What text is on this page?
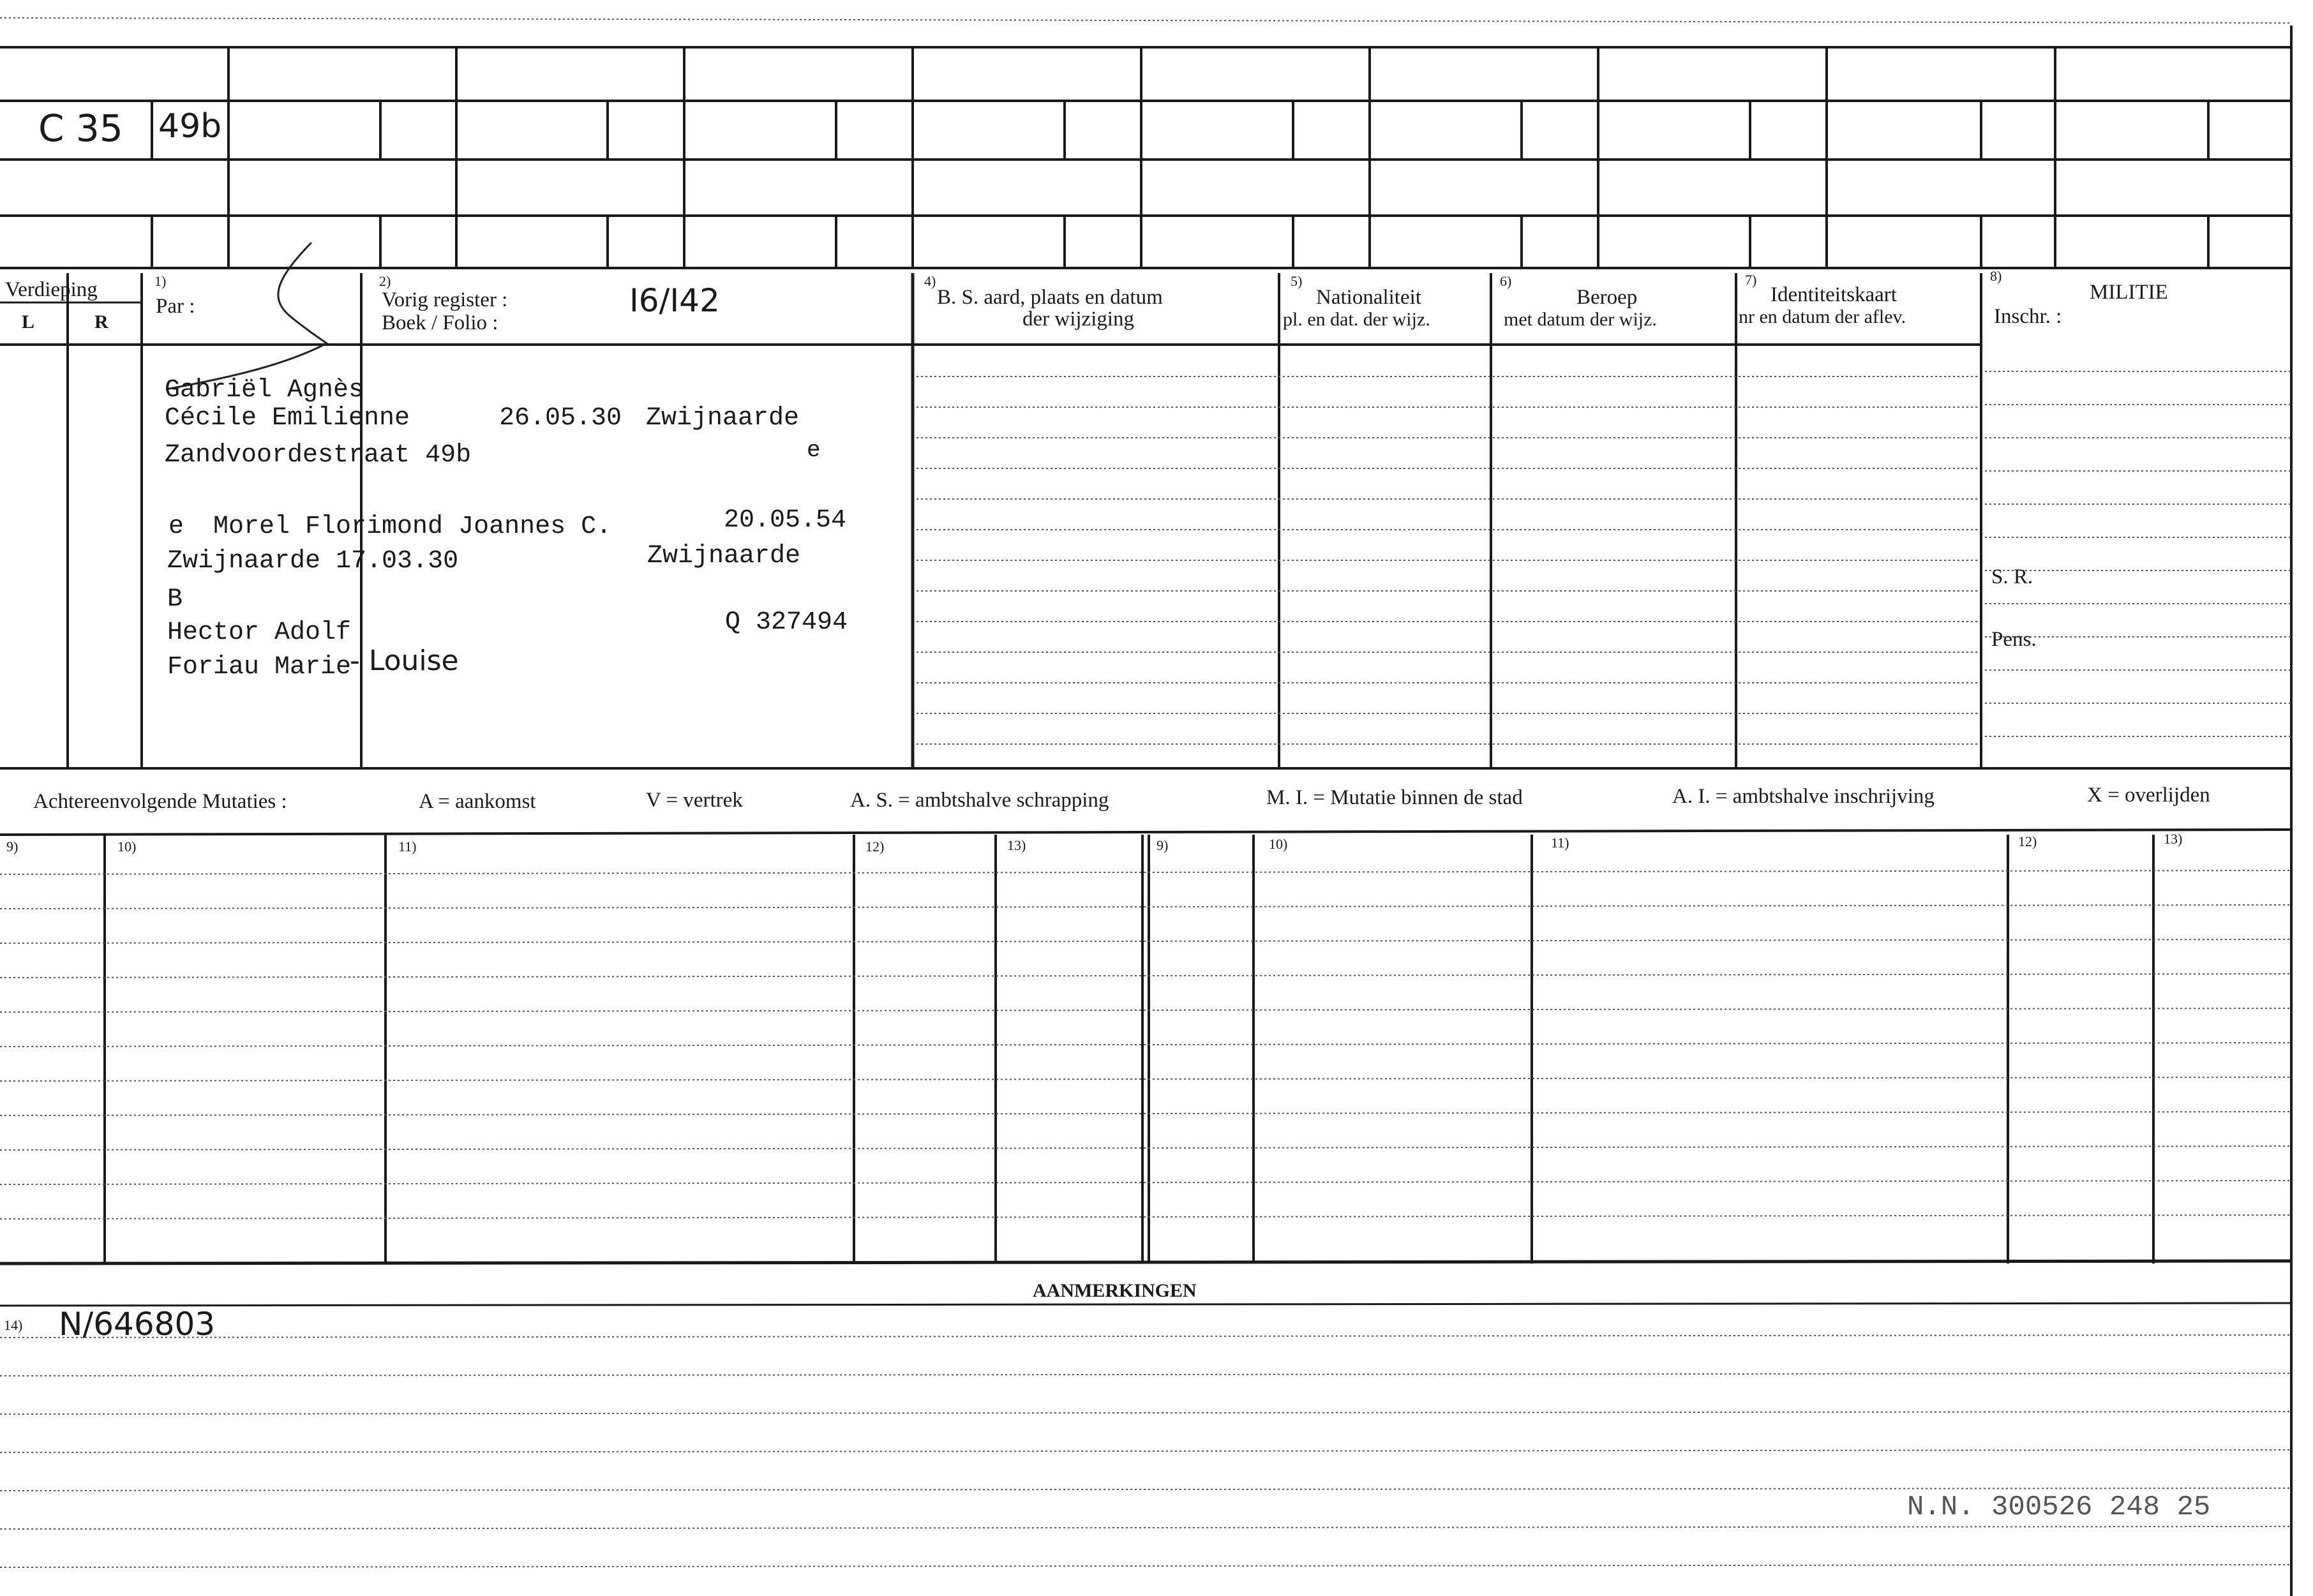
C 35 49b
Verdieping
L	R
1)
Par :
2)
Vorig register :
Boek / Folio :
I6/I42
4)
B. S. aard, plaats en datum
der wijziging
5)
Nationaliteit
pl. en dat. der wijz.
6)
Beroep
met datum der wijz.
7)
Identiteitskaart
nr en datum der aflev.
8)
MILITIE
Inschr. :
S. R.
Pens.
Gabriël Agnès
Cécile Emilienne	26.05.30 Zwijnaarde
Zandvoordestraat 49b	e
e Morel Florimond Joannes C.	20.05.54
Zwijnaarde 17.03.30	Zwijnaarde
B
Hector Adolf	Q 327494
Foriau Marie
- Louise
Achtereenvolgende Mutaties :	A = aankomst	V = vertrek	A. S. = ambtshalve schrapping	M. I. = Mutatie binnen de stad	A. I. = ambtshalve inschrijving	X = overlijden
9)	10)	11)	12)	13)	9)	10)	11)	12)	13)
AANMERKINGEN
14) N/646803
N.N. 300526 248 25
